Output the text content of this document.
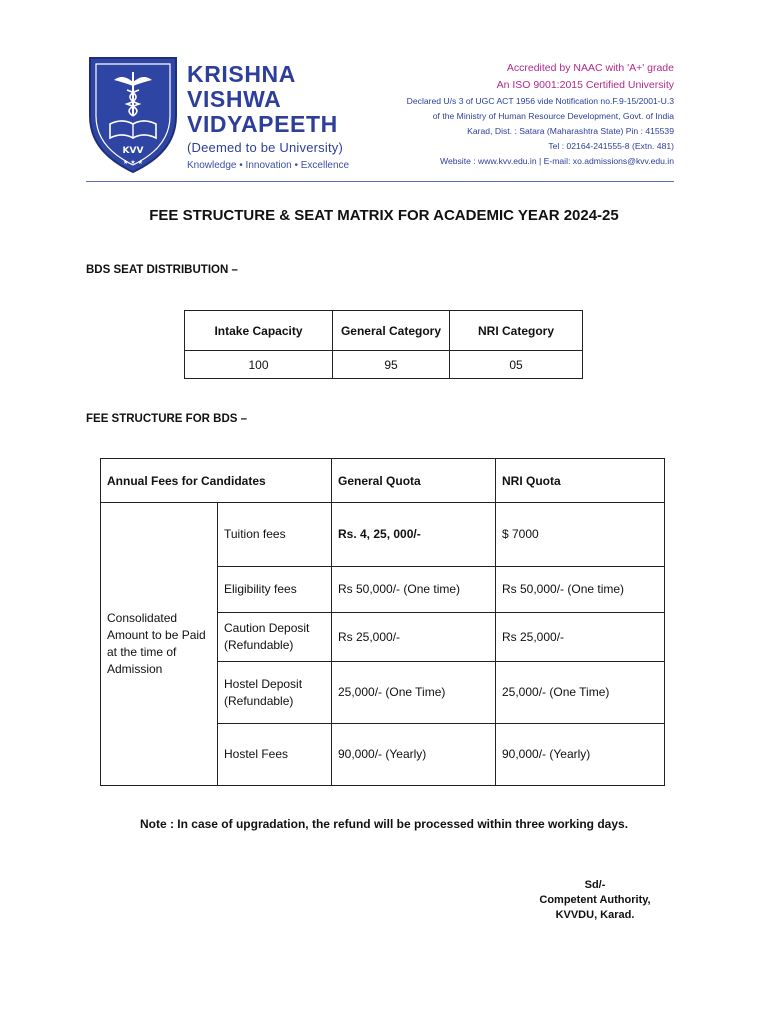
KVV
★ ★ ★
KRISHNA
VISHWA
VIDYAPEETH
(Deemed to be University)
Knowledge • Innovation • Excellence
Accredited by NAAC with 'A+' grade
An ISO 9001:2015 Certified University
Declared U/s 3 of UGC ACT 1956 vide Notification no.F.9-15/2001-U.3
of the Ministry of Human Resource Development, Govt. of India
Karad, Dist. : Satara (Maharashtra State) Pin : 415539
Tel : 02164-241555-8 (Extn. 481)
Website : www.kvv.edu.in | E-mail: xo.admissions@kvv.edu.in
FEE STRUCTURE & SEAT MATRIX FOR ACADEMIC YEAR 2024-25
BDS SEAT DISTRIBUTION –
Intake Capacity	General Category	NRI Category
100	95	05
FEE STRUCTURE FOR BDS –
Annual Fees for Candidates		General Quota	NRI Quota
Consolidated Amount to be Paid at the time of Admission	Tuition fees	Rs. 4, 25, 000/-	$ 7000
	Eligibility fees	Rs 50,000/- (One time)	Rs 50,000/- (One time)
	Caution Deposit (Refundable)	Rs 25,000/-	Rs 25,000/-
	Hostel Deposit (Refundable)	25,000/- (One Time)	25,000/- (One Time)
	Hostel Fees	90,000/- (Yearly)	90,000/- (Yearly)
Note : In case of upgradation, the refund will be processed within three working days.
Sd/-
Competent Authority,
KVVDU, Karad.
